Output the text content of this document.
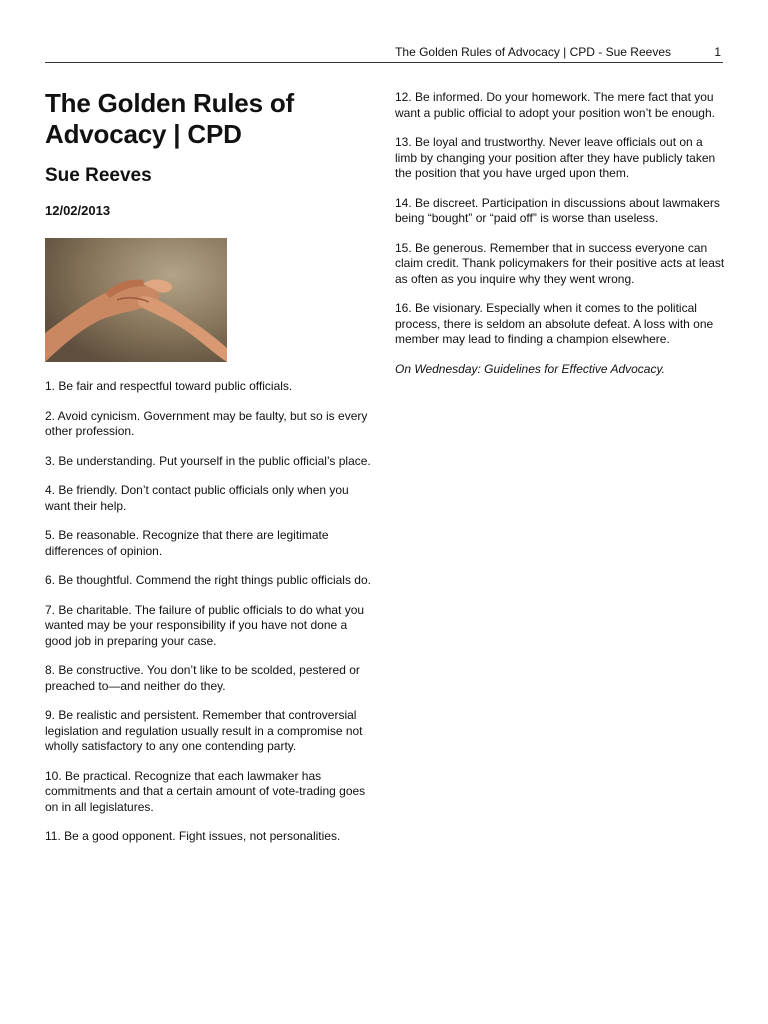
The Golden Rules of Advocacy | CPD - Sue Reeves	1
The Golden Rules of Advocacy | CPD
Sue Reeves
12/02/2013

1. Be fair and respectful toward public officials.

2. Avoid cynicism. Government may be faulty, but so is every other profession.

3. Be understanding. Put yourself in the public official’s place.

4. Be friendly. Don’t contact public officials only when you want their help.

5. Be reasonable. Recognize that there are legitimate differences of opinion.

6. Be thoughtful. Commend the right things public officials do.

7. Be charitable. The failure of public officials to do what you wanted may be your responsibility if you have not done a good job in preparing your case.

8. Be constructive. You don’t like to be scolded, pestered or preached to—and neither do they.

9. Be realistic and persistent. Remember that controversial legislation and regulation usually result in a compromise not wholly satisfactory to any one contending party.

10. Be practical. Recognize that each lawmaker has commitments and that a certain amount of vote-trading goes on in all legislatures.

11. Be a good opponent. Fight issues, not personalities.

12. Be informed. Do your homework. The mere fact that you want a public official to adopt your position won’t be enough.

13. Be loyal and trustworthy. Never leave officials out on a limb by changing your position after they have publicly taken the position that you have urged upon them.

14. Be discreet. Participation in discussions about lawmakers being “bought” or “paid off” is worse than useless.

15. Be generous. Remember that in success everyone can claim credit. Thank policymakers for their positive acts at least as often as you inquire why they went wrong.

16. Be visionary. Especially when it comes to the political process, there is seldom an absolute defeat. A loss with one member may lead to finding a champion elsewhere.

On Wednesday: Guidelines for Effective Advocacy.
